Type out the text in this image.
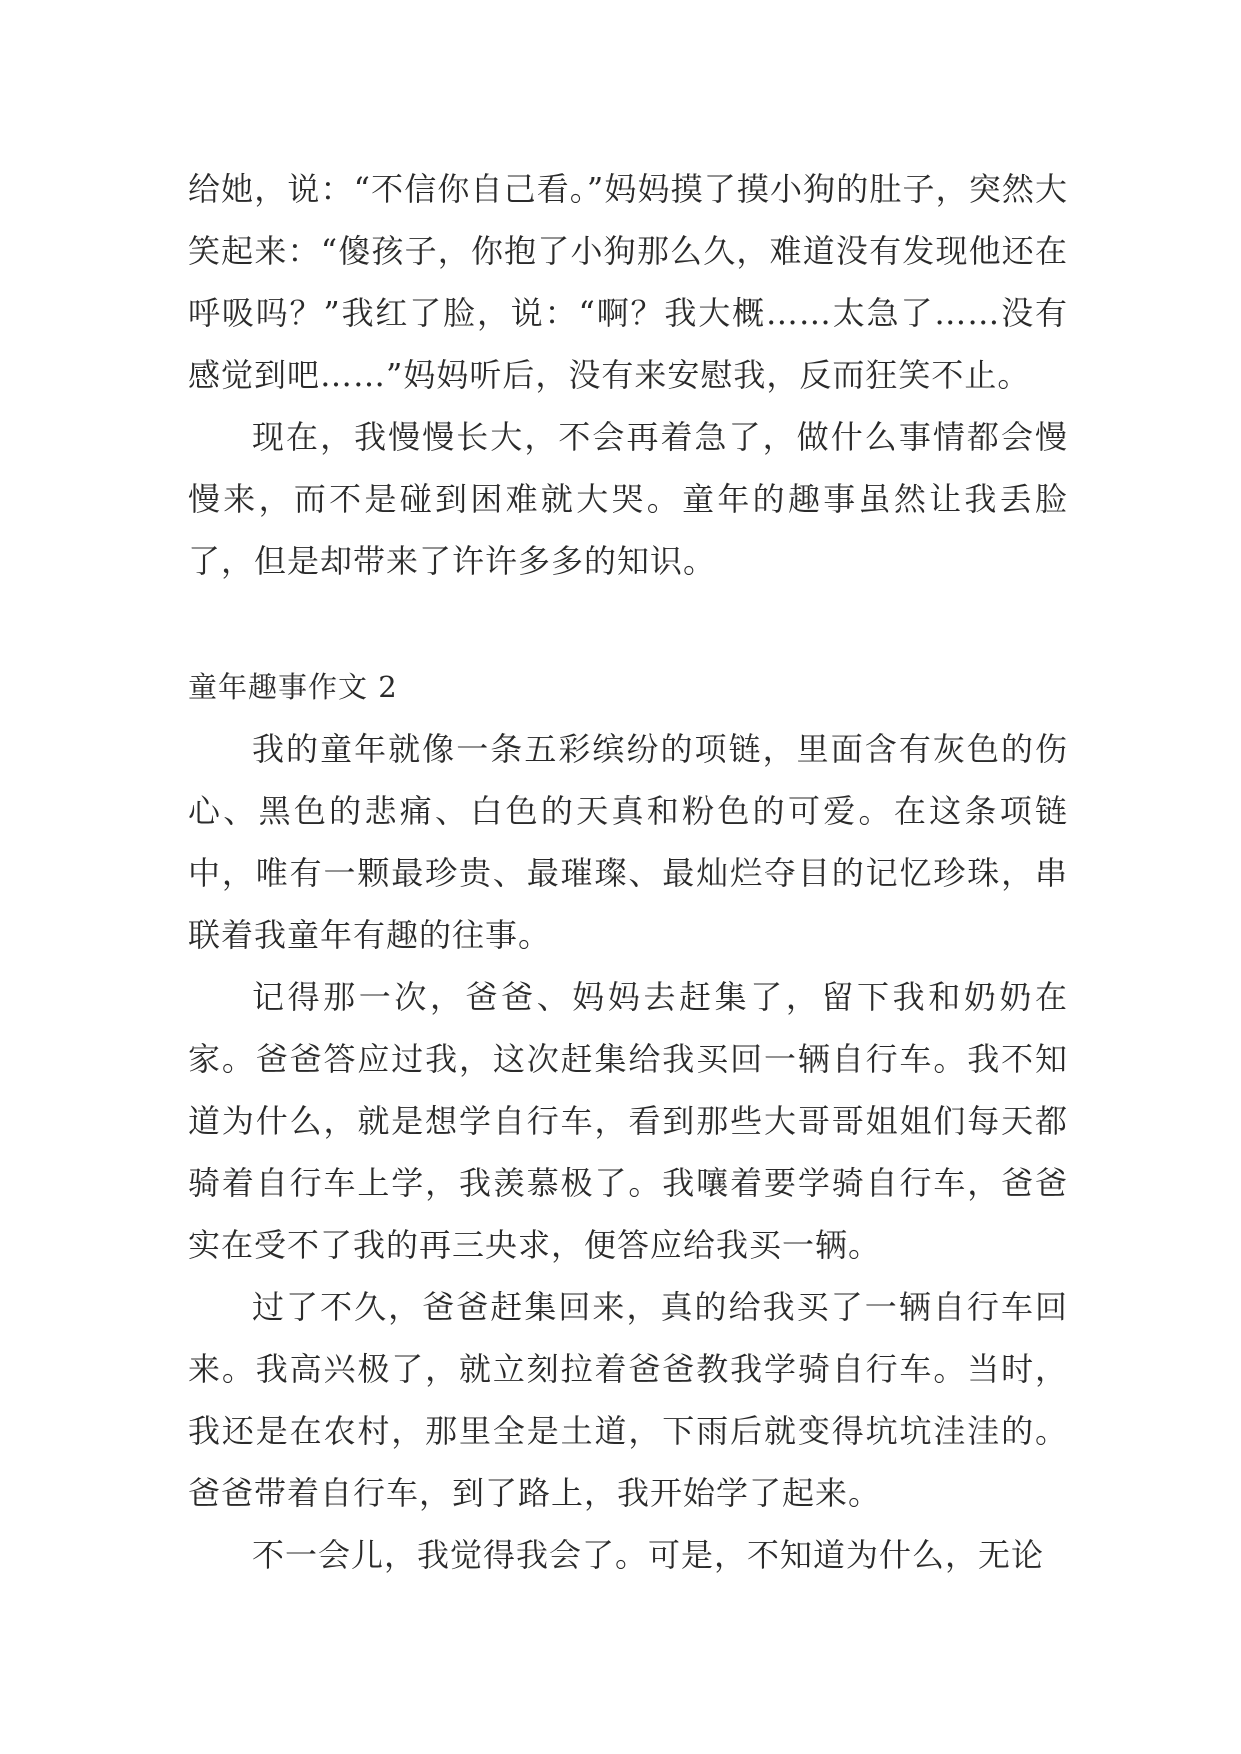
给她，说：“不信你自己看。”妈妈摸了摸小狗的肚子，突然大笑起来：“傻孩子，你抱了小狗那么久，难道没有发现他还在呼吸吗？”我红了脸，说：“啊？我大概……太急了……没有感觉到吧……”妈妈听后，没有来安慰我，反而狂笑不止。

现在，我慢慢长大，不会再着急了，做什么事情都会慢慢来，而不是碰到困难就大哭。童年的趣事虽然让我丢脸了，但是却带来了许许多多的知识。

童年趣事作文 2

我的童年就像一条五彩缤纷的项链，里面含有灰色的伤心、黑色的悲痛、白色的天真和粉色的可爱。在这条项链中，唯有一颗最珍贵、最璀璨、最灿烂夺目的记忆珍珠，串联着我童年有趣的往事。

记得那一次，爸爸、妈妈去赶集了，留下我和奶奶在家。爸爸答应过我，这次赶集给我买回一辆自行车。我不知道为什么，就是想学自行车，看到那些大哥哥姐姐们每天都骑着自行车上学，我羡慕极了。我嚷着要学骑自行车，爸爸实在受不了我的再三央求，便答应给我买一辆。

过了不久，爸爸赶集回来，真的给我买了一辆自行车回来。我高兴极了，就立刻拉着爸爸教我学骑自行车。当时，我还是在农村，那里全是土道，下雨后就变得坑坑洼洼的。爸爸带着自行车，到了路上，我开始学了起来。

不一会儿，我觉得我会了。可是，不知道为什么，无论
